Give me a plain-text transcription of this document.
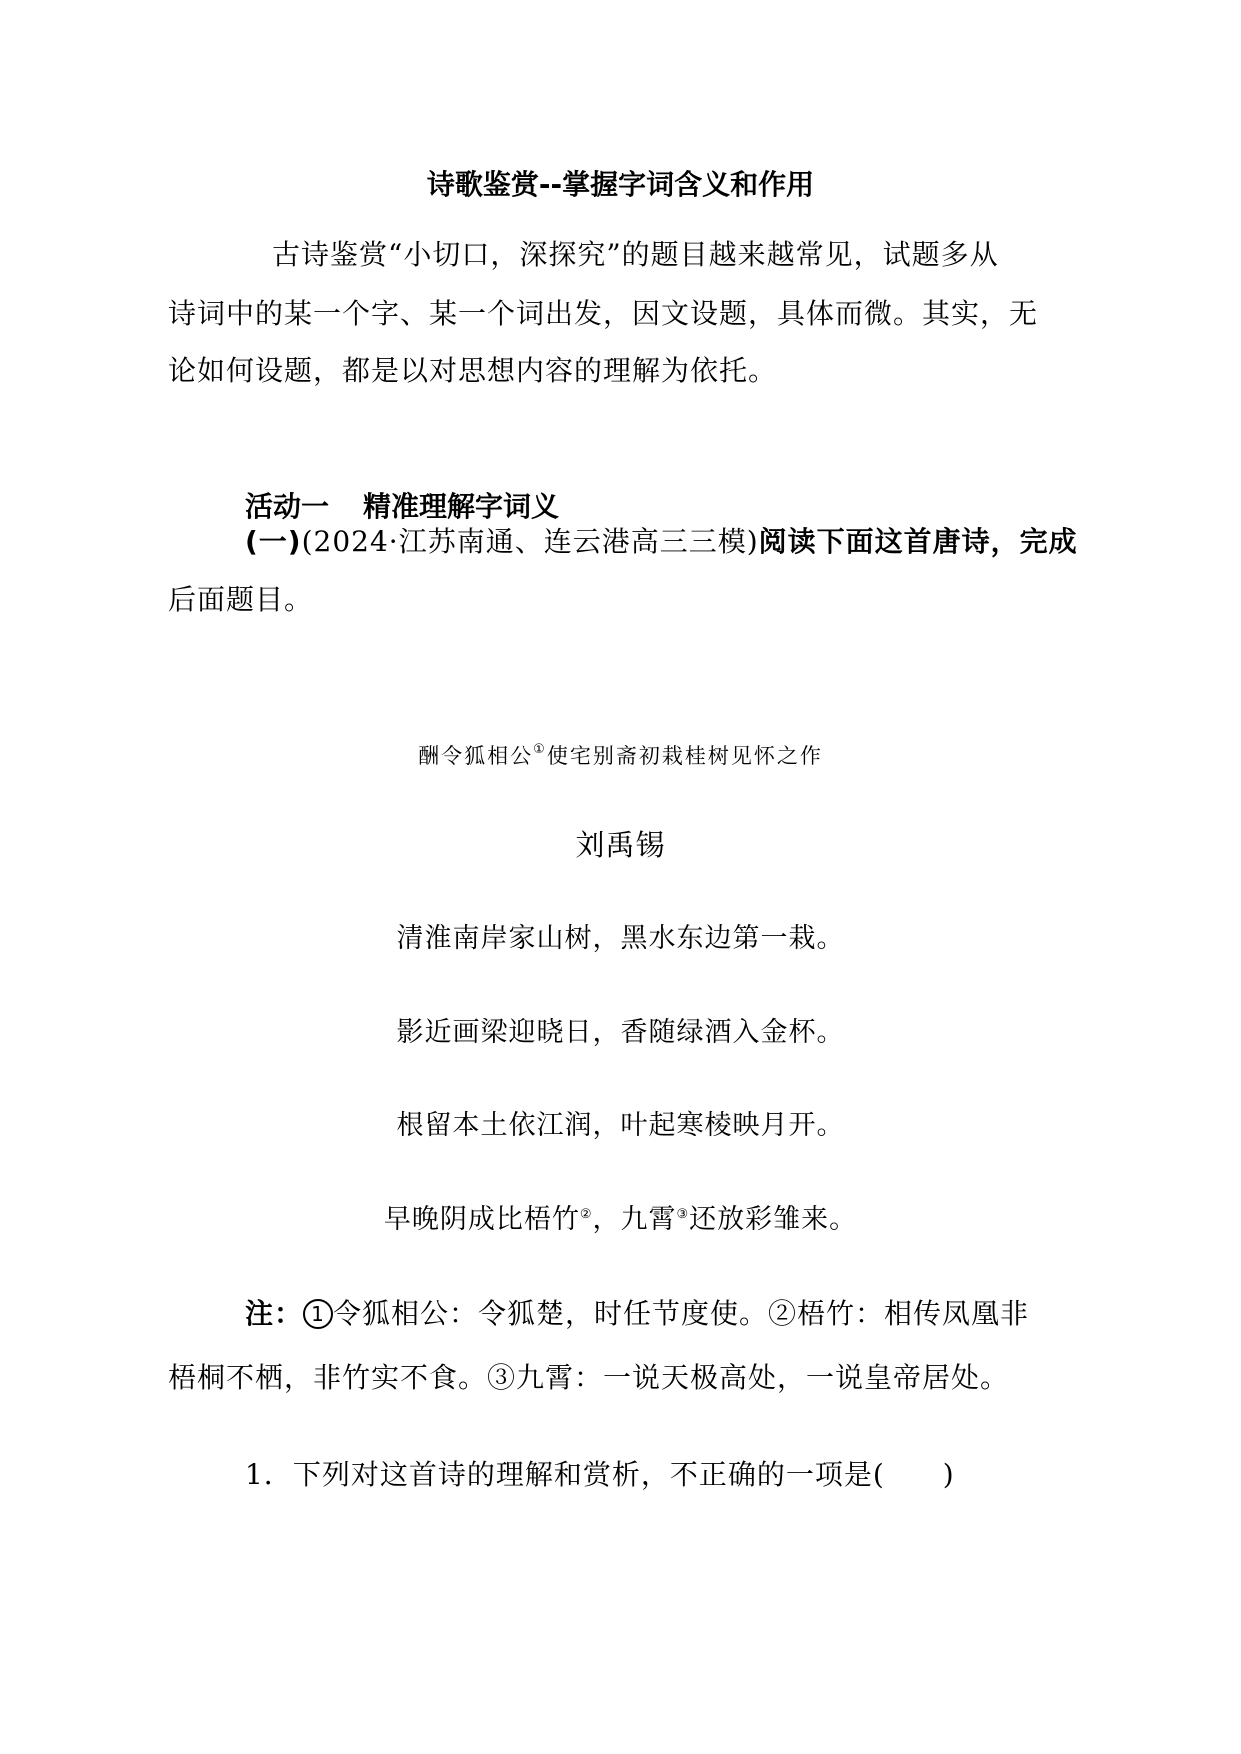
诗歌鉴赏--掌握字词含义和作用
古诗鉴赏“小切口，深探究”的题目越来越常见，试题多从
诗词中的某一个字、某一个词出发，因文设题，具体而微。其实，无
论如何设题，都是以对思想内容的理解为依托。
活动一 精准理解字词义
(一)(2024·江苏南通、连云港高三三模)阅读下面这首唐诗，完成
后面题目。
酬令狐相公①使宅别斋初栽桂树见怀之作
刘禹锡
清淮南岸家山树，黑水东边第一栽。
影近画梁迎晓日，香随绿酒入金杯。
根留本土依江润，叶起寒棱映月开。
早晚阴成比梧竹②，九霄③还放彩雏来。
注： 1 令狐相公：令狐楚，时任节度使。②梧竹：相传凤凰非
梧桐不栖，非竹实不食。③九霄：一说天极高处，一说皇帝居处。
1．下列对这首诗的理解和赏析，不正确的一项是(　　)
